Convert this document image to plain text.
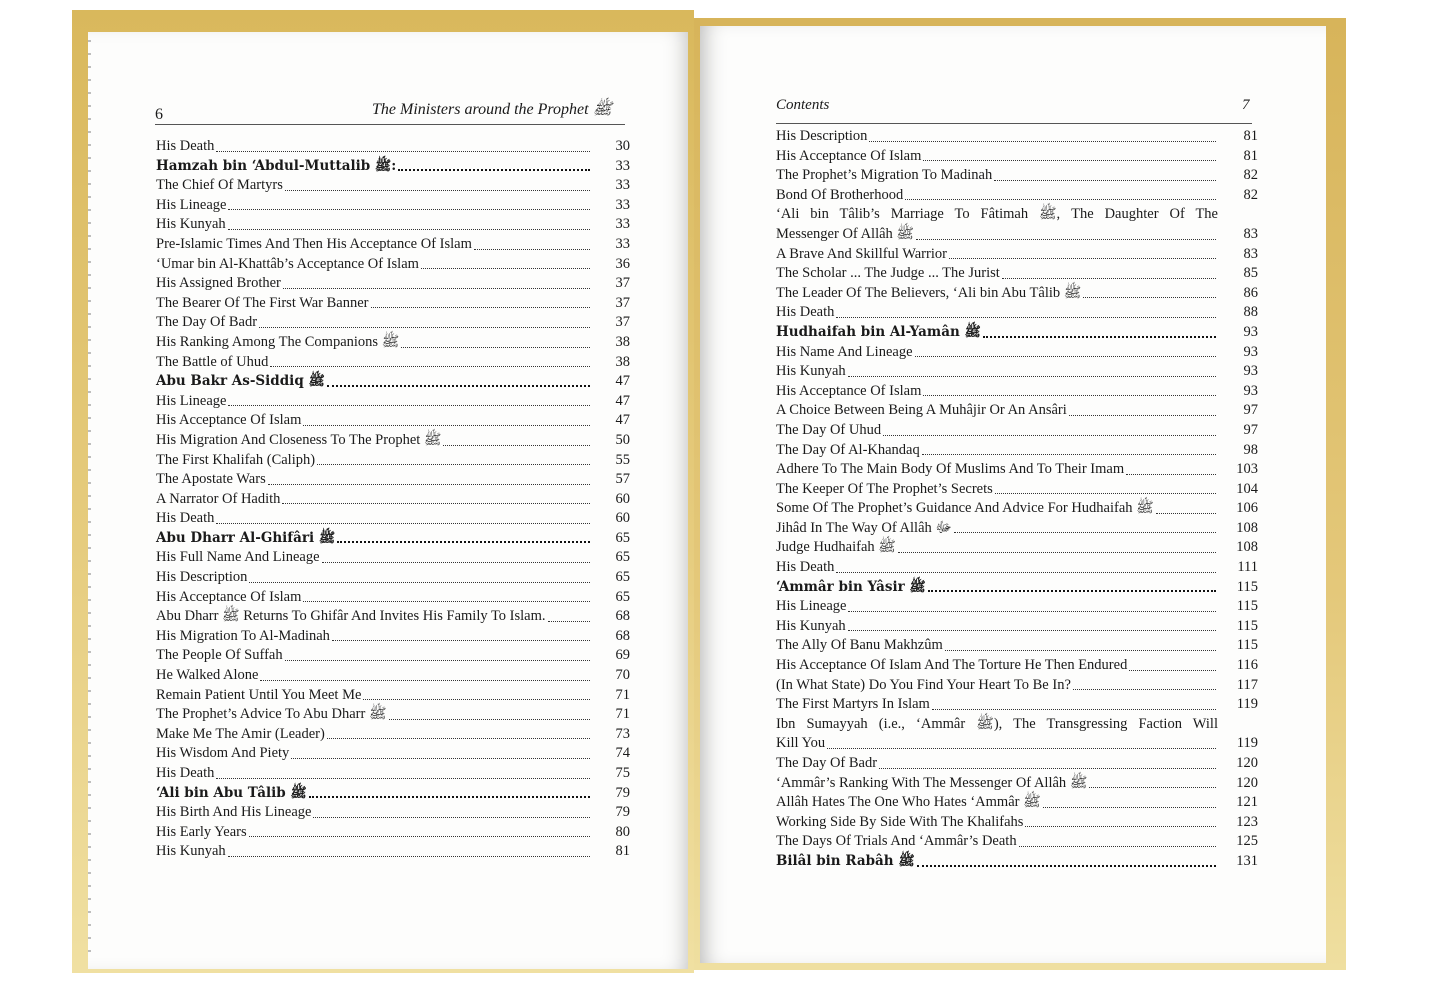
6	The Ministers around the Prophet ﷺ	Contents	7
His Death	30
Hamzah bin ‘Abdul-Muttalib ﷺ:	33
The Chief Of Martyrs	33
His Lineage	33
His Kunyah	33
Pre-Islamic Times And Then His Acceptance Of Islam	33
‘Umar bin Al-Khattâb’s Acceptance Of Islam	36
His Assigned Brother	37
The Bearer Of The First War Banner	37
The Day Of Badr	37
His Ranking Among The Companions ﷺ	38
The Battle of Uhud	38
Abu Bakr As-Siddiq ﷺ	47
His Lineage	47
His Acceptance Of Islam	47
His Migration And Closeness To The Prophet ﷺ	50
The First Khalifah (Caliph)	55
The Apostate Wars	57
A Narrator Of Hadith	60
His Death	60
Abu Dharr Al-Ghifâri ﷺ	65
His Full Name And Lineage	65
His Description	65
His Acceptance Of Islam	65
Abu Dharr ﷺ Returns To Ghifâr And Invites His Family To Islam.	68
His Migration To Al-Madinah	68
The People Of Suffah	69
He Walked Alone	70
Remain Patient Until You Meet Me	71
The Prophet’s Advice To Abu Dharr ﷺ	71
Make Me The Amir (Leader)	73
His Wisdom And Piety	74
His Death	75
‘Ali bin Abu Tâlib ﷺ	79
His Birth And His Lineage	79
His Early Years	80
His Kunyah	81
His Description	81
His Acceptance Of Islam	81
The Prophet’s Migration To Madinah	82
Bond Of Brotherhood	82
‘Ali bin Tâlib’s Marriage To Fâtimah ﷺ, The Daughter Of The
Messenger Of Allâh ﷺ	83
A Brave And Skillful Warrior	83
The Scholar ... The Judge ... The Jurist	85
The Leader Of The Believers, ‘Ali bin Abu Tâlib ﷺ	86
His Death	88
Hudhaifah bin Al-Yamân ﷺ	93
His Name And Lineage	93
His Kunyah	93
His Acceptance Of Islam	93
A Choice Between Being A Muhâjir Or An Ansâri	97
The Day Of Uhud	97
The Day Of Al-Khandaq	98
Adhere To The Main Body Of Muslims And To Their Imam	103
The Keeper Of The Prophet’s Secrets	104
Some Of The Prophet’s Guidance And Advice For Hudhaifah ﷺ	106
Jihâd In The Way Of Allâh ﷻ	108
Judge Hudhaifah ﷺ	108
His Death	111
‘Ammâr bin Yâsir ﷺ	115
His Lineage	115
His Kunyah	115
The Ally Of Banu Makhzûm	115
His Acceptance Of Islam And The Torture He Then Endured	116
(In What State) Do You Find Your Heart To Be In?	117
The First Martyrs In Islam	119
Ibn Sumayyah (i.e., ‘Ammâr ﷺ), The Transgressing Faction Will
Kill You	119
The Day Of Badr	120
‘Ammâr’s Ranking With The Messenger Of Allâh ﷺ	120
Allâh Hates The One Who Hates ‘Ammâr ﷺ	121
Working Side By Side With The Khalifahs	123
The Days Of Trials And ‘Ammâr’s Death	125
Bilâl bin Rabâh ﷺ	131
